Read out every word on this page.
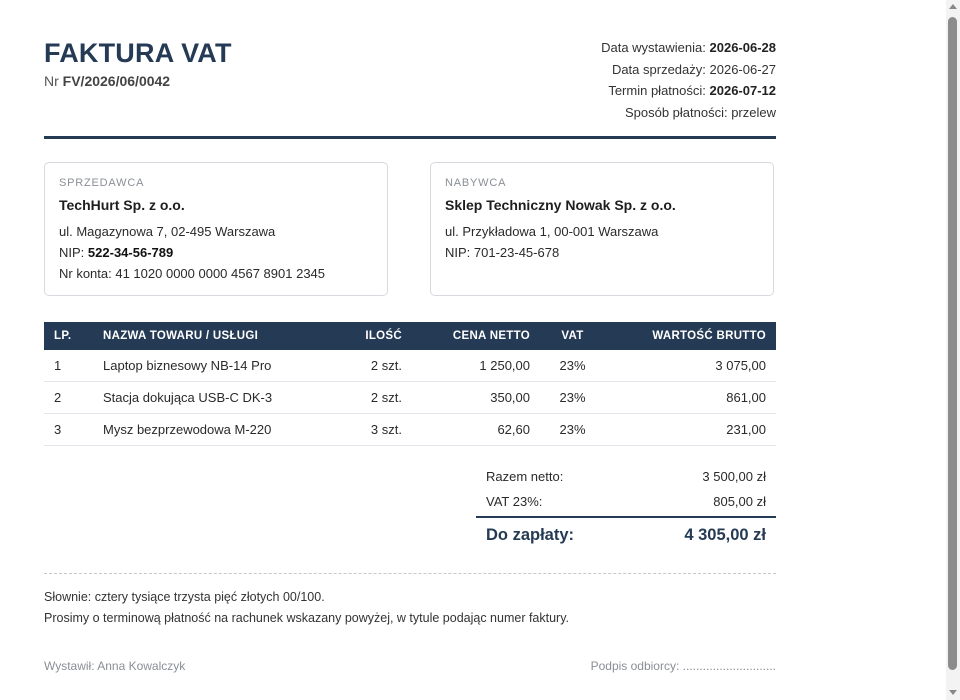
FAKTURA VAT
Nr FV/2026/06/0042
Data wystawienia: 2026-06-28
Data sprzedaży: 2026-06-27
Termin płatności: 2026-07-12
Sposób płatności: przelew
SPRZEDAWCA
TechHurt Sp. z o.o.
ul. Magazynowa 7, 02-495 Warszawa
NIP: 522-34-56-789
Nr konta: 41 1020 0000 0000 4567 8901 2345
NABYWCA
Sklep Techniczny Nowak Sp. z o.o.
ul. Przykładowa 1, 00-001 Warszawa
NIP: 701-23-45-678
LP.	NAZWA TOWARU / USŁUGI	ILOŚĆ	CENA NETTO	VAT	WARTOŚĆ BRUTTO
1	Laptop biznesowy NB-14 Pro	2 szt.	1 250,00	23%	3 075,00
2	Stacja dokująca USB-C DK-3	2 szt.	350,00	23%	861,00
3	Mysz bezprzewodowa M-220	3 szt.	62,60	23%	231,00
Razem netto:	3 500,00 zł
VAT 23%:	805,00 zł
Do zapłaty:	4 305,00 zł
Słownie: cztery tysiące trzysta pięć złotych 00/100.
Prosimy o terminową płatność na rachunek wskazany powyżej, w tytule podając numer faktury.
Wystawił: Anna Kowalczyk	Podpis odbiorcy: ............................
